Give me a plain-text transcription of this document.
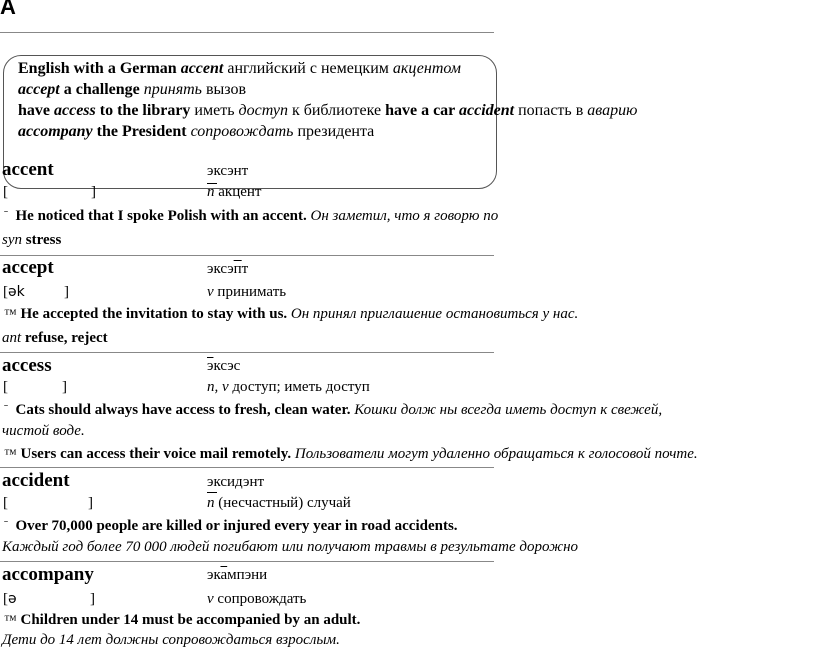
A
English with a German accent английский с немецким акцентом
accept a challenge принять вызов
have access to the library иметь доступ к библиотеке have a car accident попасть в аварию
accompany the President сопровождать президента
accent	эксэнт
[	]	n акцент
ˉ He noticed that I spoke Polish with an accent. Он заметил, что я говорю по
syn stress
accept	эксэпт
[ək	]	v принимать
™ He accepted the invitation to stay with us. Он принял приглашение остановиться у нас.
ant refuse, reject
access	эксэс
[	]	n, v доступ; иметь доступ
ˉ Cats should always have access to fresh, clean water. Кошки долж ны всегда иметь доступ к свежей,
чистой воде.
™ Users can access their voice mail remotely. Пользователи могут удаленно обращаться к голосовой почте.
accident	эксидэнт
[	]	n (несчастный) случай
ˉ Over 70,000 people are killed or injured every year in road accidents.
Каждый год более 70 000 людей погибают или получают травмы в результате дорожно
accompany	экампэни
[ə	]	v сопровождать
™ Children under 14 must be accompanied by an adult.
Дети до 14 лет должны сопровождаться взрослым.
